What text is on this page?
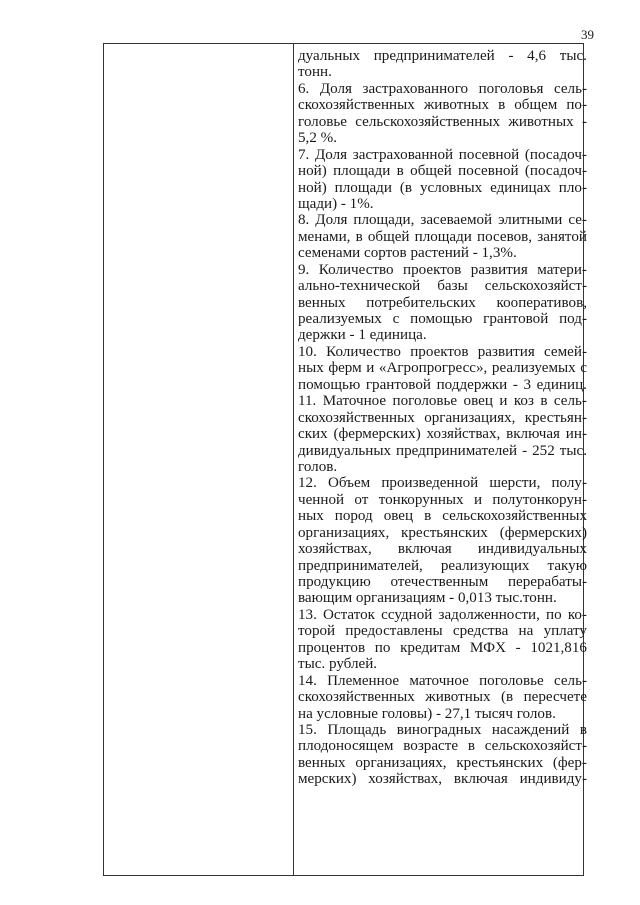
39
дуальных предпринимателей - 4,6 тыс.
тонн.
6. Доля застрахованного поголовья сель-
скохозяйственных животных в общем по-
головье сельскохозяйственных животных -
5,2 %.
7. Доля застрахованной посевной (посадоч-
ной) площади в общей посевной (посадоч-
ной) площади (в условных единицах пло-
щади) - 1%.
8. Доля площади, засеваемой элитными се-
менами, в общей площади посевов, занятой
семенами сортов растений - 1,3%.
9. Количество проектов развития матери-
ально-технической базы сельскохозяйст-
венных потребительских кооперативов,
реализуемых с помощью грантовой под-
держки - 1 единица.
10. Количество проектов развития семей-
ных ферм и «Агропрогресс», реализуемых с
помощью грантовой поддержки - 3 единиц.
11. Маточное поголовье овец и коз в сель-
скохозяйственных организациях, крестьян-
ских (фермерских) хозяйствах, включая ин-
дивидуальных предпринимателей - 252 тыс.
голов.
12. Объем произведенной шерсти, полу-
ченной от тонкорунных и полутонкорун-
ных пород овец в сельскохозяйственных
организациях, крестьянских (фермерских)
хозяйствах, включая индивидуальных
предпринимателей, реализующих такую
продукцию отечественным перерабаты-
вающим организациям - 0,013 тыс.тонн.
13. Остаток ссудной задолженности, по ко-
торой предоставлены средства на уплату
процентов по кредитам МФХ - 1021,816
тыс. рублей.
14. Племенное маточное поголовье сель-
скохозяйственных животных (в пересчете
на условные головы) - 27,1 тысяч голов.
15. Площадь виноградных насаждений в
плодоносящем возрасте в сельскохозяйст-
венных организациях, крестьянских (фер-
мерских) хозяйствах, включая индивиду-
